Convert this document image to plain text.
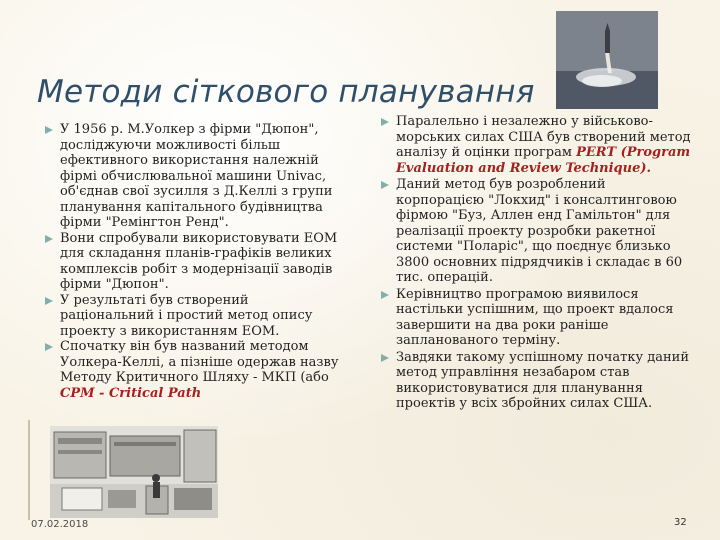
Методи сіткового планування
У 1956 р. М.Уолкер з фірми "Дюпон", досліджуючи можливості більш ефективного використання належній фірмі обчислювальної машини Univac, об'єднав свої зусилля з Д.Келлі з групи планування капітального будівництва фірми "Ремінгтон Ренд".
Вони спробували використовувати ЕОМ для складання планів-графіків великих комплексів робіт з модернізації заводів фірми "Дюпон".
У результаті був створений раціональний і простий метод опису проекту з використанням ЕОМ.
Спочатку він був названий методом Уолкера-Келлі, а пізніше одержав назву Методу Критичного Шляху - МКП (або CPM - Critical Path
Паралельно і незалежно у військово-морських силах США був створений метод аналізу й оцінки програм PERT (Program Evaluation and Review Technique).
Даний метод був розроблений корпорацією "Локхид" і консалтинговою фірмою "Буз, Аллен енд Гамільтон" для реалізації проекту розробки ракетної системи "Поларіс", що поєднує близько 3800 основних підрядчиків і складає в 60 тис. операцій.
Керівництво програмою виявилося настільки успішним, що проект вдалося завершити на два роки раніше запланованого терміну.
Завдяки такому успішному початку даний метод управління незабаром став використовуватися для планування проектів у всіх збройних силах США.
07.02.2018	32
